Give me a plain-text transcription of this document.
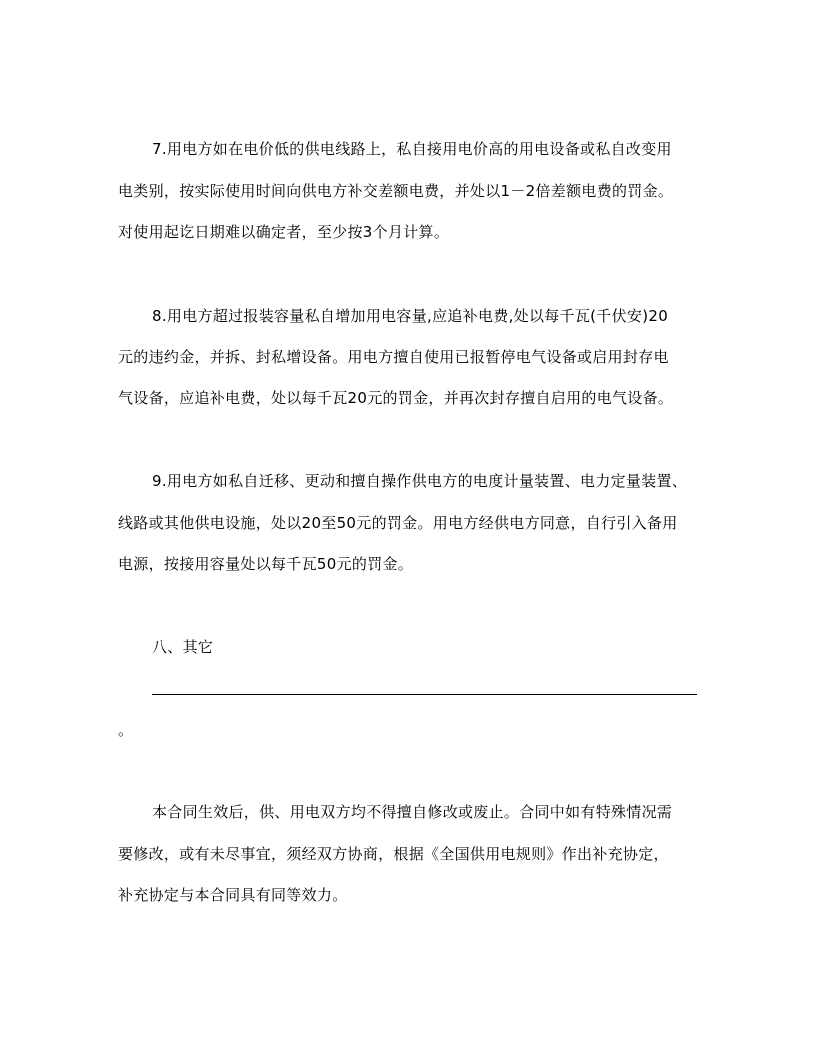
7.用电方如在电价低的供电线路上，私自接用电价高的用电设备或私自改变用
电类别，按实际使用时间向供电方补交差额电费，并处以1－2倍差额电费的罚金。
对使用起讫日期难以确定者，至少按3个月计算。
8.用电方超过报装容量私自增加用电容量,应追补电费,处以每千瓦(千伏安)20
元的违约金，并拆、封私增设备。用电方擅自使用已报暂停电气设备或启用封存电
气设备，应追补电费，处以每千瓦20元的罚金，并再次封存擅自启用的电气设备。
9.用电方如私自迁移、更动和擅自操作供电方的电度计量装置、电力定量装置、
线路或其他供电设施，处以20至50元的罚金。用电方经供电方同意，自行引入备用
电源，按接用容量处以每千瓦50元的罚金。
八、其它
。
本合同生效后，供、用电双方均不得擅自修改或废止。合同中如有特殊情况需
要修改，或有未尽事宜，须经双方协商，根据《全国供用电规则》作出补充协定，
补充协定与本合同具有同等效力。
